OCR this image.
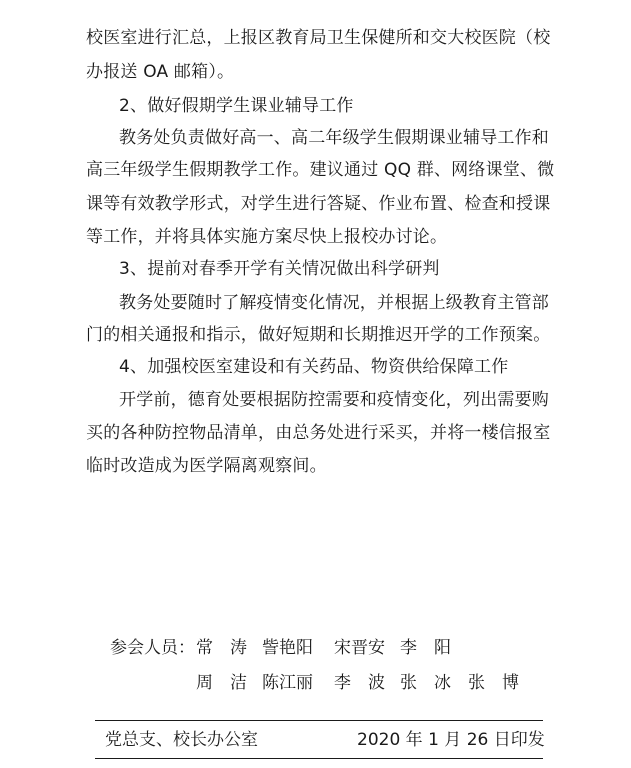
校医室进行汇总，上报区教育局卫生保健所和交大校医院（校
办报送 OA 邮箱）。
2、做好假期学生课业辅导工作
教务处负责做好高一、高二年级学生假期课业辅导工作和
高三年级学生假期教学工作。建议通过 QQ 群、网络课堂、微
课等有效教学形式，对学生进行答疑、作业布置、检查和授课
等工作，并将具体实施方案尽快上报校办讨论。
3、提前对春季开学有关情况做出科学研判
教务处要随时了解疫情变化情况，并根据上级教育主管部
门的相关通报和指示，做好短期和长期推迟开学的工作预案。
4、加强校医室建设和有关药品、物资供给保障工作
开学前，德育处要根据防控需要和疫情变化，列出需要购
买的各种防控物品清单，由总务处进行采买，并将一楼信报室
临时改造成为医学隔离观察间。
参会人员： 常　涛 訾艳阳 宋晋安 李　阳
周　洁 陈江丽 李　波 张　冰 张　博
党总支、校长办公室	2020 年 1 月 26 日印发
